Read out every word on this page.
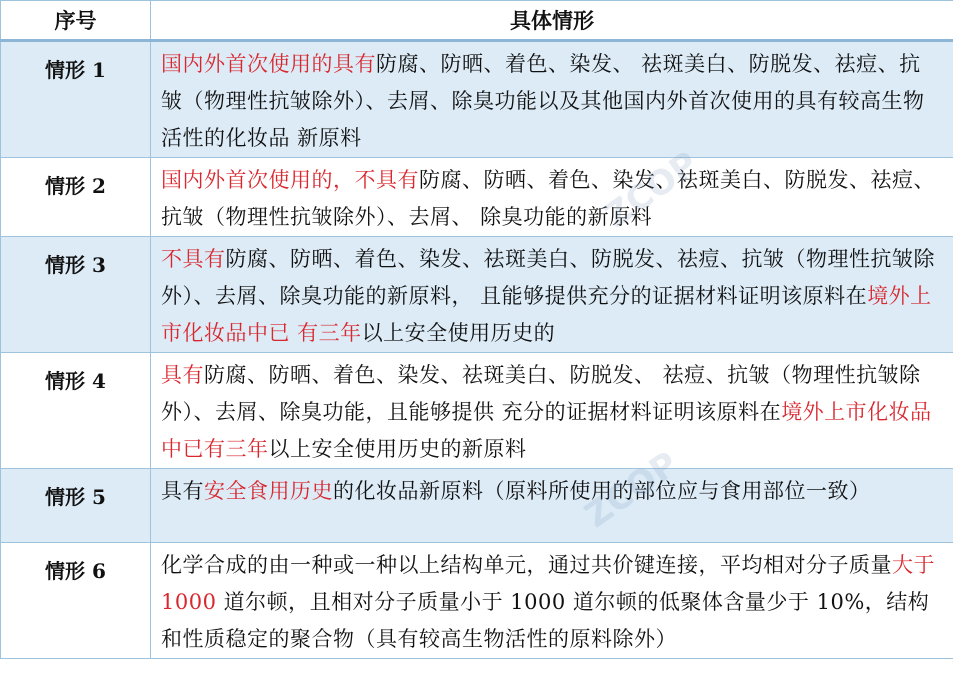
序号	具体情形
情形 1	国内外首次使用的具有防腐、防晒、着色、染发、 祛斑美白、防脱发、祛痘、抗皱（物理性抗皱除外）、去屑、除臭功能以及其他国内外首次使用的具有较高生物活性的化妆品 新原料
情形 2	国内外首次使用的，不具有防腐、防晒、着色、染发、祛斑美白、防脱发、祛痘、抗皱（物理性抗皱除外）、去屑、 除臭功能的新原料
情形 3	不具有防腐、防晒、着色、染发、祛斑美白、防脱发、祛痘、抗皱（物理性抗皱除外）、去屑、除臭功能的新原料， 且能够提供充分的证据材料证明该原料在境外上市化妆品中已 有三年以上安全使用历史的
情形 4	具有防腐、防晒、着色、染发、祛斑美白、防脱发、 祛痘、抗皱（物理性抗皱除外）、去屑、除臭功能，且能够提供 充分的证据材料证明该原料在境外上市化妆品中已有三年以上安全使用历史的新原料
情形 5	具有安全食用历史的化妆品新原料（原料所使用的部位应与食用部位一致）
情形 6	化学合成的由一种或一种以上结构单元，通过共价键连接，平均相对分子质量大于 1000 道尔顿，且相对分子质量小于 1000 道尔顿的低聚体含量少于 10%，结构和性质稳定的聚合物（具有较高生物活性的原料除外）
ZCOP
